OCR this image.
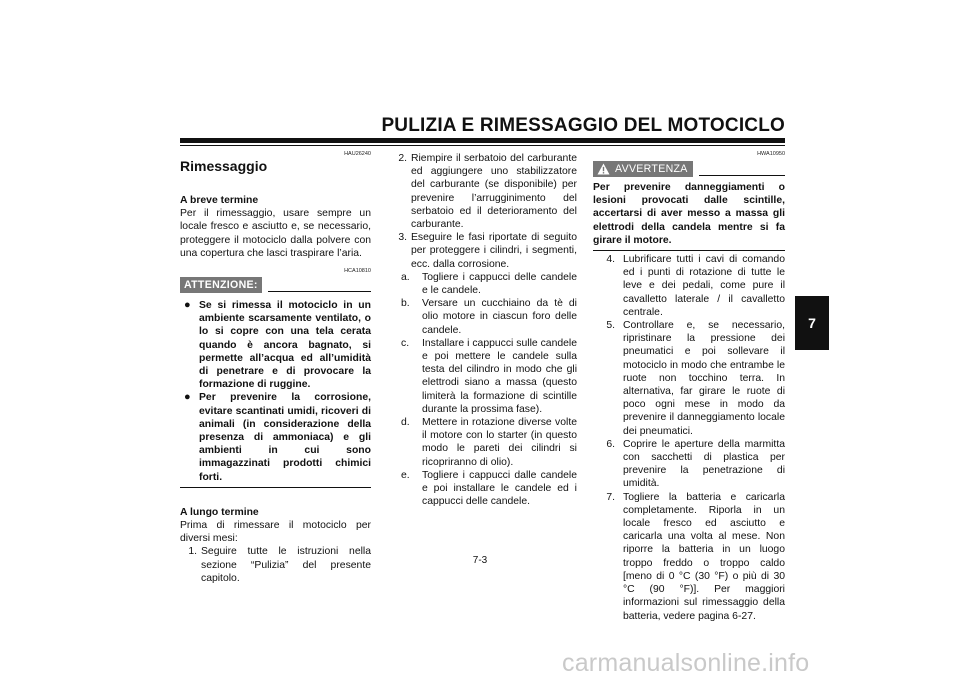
PULIZIA E RIMESSAGGIO DEL MOTOCICLO
HAU26240
Rimessaggio
A breve termine
Per il rimessaggio, usare sempre un locale fresco e asciutto e, se necessario, proteggere il motociclo dalla polvere con una copertura che lasci traspirare l’aria.
HCA10810
ATTENZIONE:
● Se si rimessa il motociclo in un ambiente scarsamente ventilato, o lo si copre con una tela cerata quando è ancora bagnato, si permette all’acqua ed all’umidità di penetrare e di provocare la formazione di ruggine.
● Per prevenire la corrosione, evitare scantinati umidi, ricoveri di animali (in considerazione della presenza di ammoniaca) e gli ambienti in cui sono immagazzinati prodotti chimici forti.
A lungo termine
Prima di rimessare il motociclo per diversi mesi:
1. Seguire tutte le istruzioni nella sezione “Pulizia” del presente capitolo.
2. Riempire il serbatoio del carburante ed aggiungere uno stabilizzatore del carburante (se disponibile) per prevenire l’arrugginimento del serbatoio ed il deterioramento del carburante.
3. Eseguire le fasi riportate di seguito per proteggere i cilindri, i segmenti, ecc. dalla corrosione.
a.	Togliere i cappucci delle candele e le candele.
b.	Versare un cucchiaino da tè di olio motore in ciascun foro delle candele.
c.	Installare i cappucci sulle candele e poi mettere le candele sulla testa del cilindro in modo che gli elettrodi siano a massa (questo limiterà la formazione di scintille durante la prossima fase).
d.	Mettere in rotazione diverse volte il motore con lo starter (in questo modo le pareti dei cilindri si ricopriranno di olio).
e.	Togliere i cappucci dalle candele e poi installare le candele ed i cappucci delle candele.
HWA10950
AVVERTENZA
Per prevenire danneggiamenti o lesioni provocati dalle scintille, accertarsi di aver messo a massa gli elettrodi della candela mentre si fa girare il motore.
4. Lubrificare tutti i cavi di comando ed i punti di rotazione di tutte le leve e dei pedali, come pure il cavalletto laterale / il cavalletto centrale.
5. Controllare e, se necessario, ripristinare la pressione dei pneumatici e poi sollevare il motociclo in modo che entrambe le ruote non tocchino terra. In alternativa, far girare le ruote di poco ogni mese in modo da prevenire il danneggiamento locale dei pneumatici.
6. Coprire le aperture della marmitta con sacchetti di plastica per prevenire la penetrazione di umidità.
7. Togliere la batteria e caricarla completamente. Riporla in un locale fresco ed asciutto e caricarla una volta al mese. Non riporre la batteria in un luogo troppo freddo o troppo caldo [meno di 0 °C (30 °F) o più di 30 °C (90 °F)]. Per maggiori informazioni sul rimessaggio della batteria, vedere pagina 6-27.
7-3
7
carmanualsonline.info
